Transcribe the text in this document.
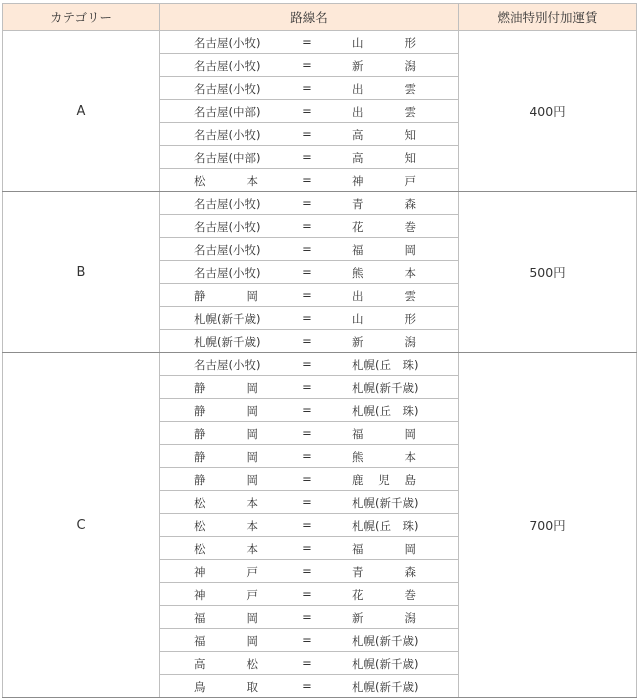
カテゴリー	路線名	燃油特別付加運賃
A	名古屋(小牧) = 山　形	400円

	名古屋(小牧) = 新　潟	

	名古屋(小牧) = 出　雲	

	名古屋(中部) = 出　雲	

	名古屋(小牧) = 高　知	

	名古屋(中部) = 高　知	

	松　本 = 神　戸	

B	名古屋(小牧) = 青　森	500円

	名古屋(小牧) = 花　巻	

	名古屋(小牧) = 福　岡	

	名古屋(小牧) = 熊　本	

	静　岡 = 出　雲	

	札幌(新千歳) = 山　形	

	札幌(新千歳) = 新　潟	

C	名古屋(小牧) = 札幌(丘　珠)	700円

	静　岡 = 札幌(新千歳)	

	静　岡 = 札幌(丘　珠)	

	静　岡 = 福　岡	

	静　岡 = 熊　本	

	静　岡 = 鹿児島	

	松　本 = 札幌(新千歳)	

	松　本 = 札幌(丘　珠)	

	松　本 = 福　岡	

	神　戸 = 青　森	

	神　戸 = 花　巻	

	福　岡 = 新　潟	

	福　岡 = 札幌(新千歳)	

	高　松 = 札幌(新千歳)	

	鳥　取 = 札幌(新千歳)	
